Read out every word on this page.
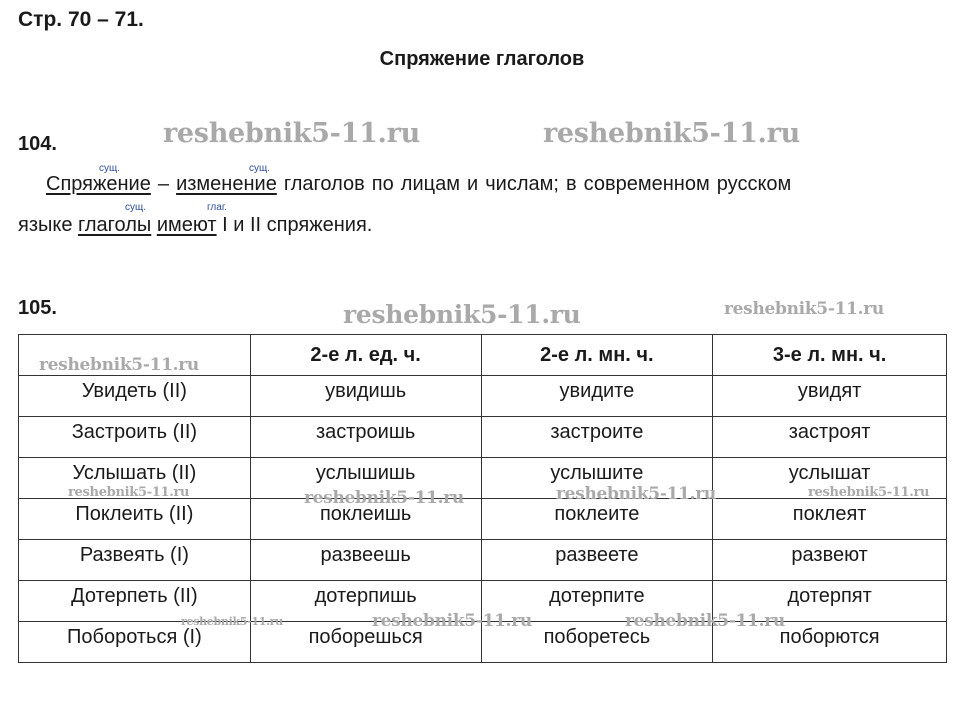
Стр. 70 – 71.
Спряжение глаголов
104.	reshebnik5-11.ru	reshebnik5-11.ru
сущ.	сущ.
Спряжение – изменение глаголов по лицам и числам; в современном русском
сущ.	глаг.
языке глаголы имеют I и II спряжения.
105.	reshebnik5-11.ru	reshebnik5-11.ru
	2-е л. ед. ч.	2-е л. мн. ч.	3-е л. мн. ч.
Увидеть (II)	увидишь	увидите	увидят
Застроить (II)	застроишь	застроите	застроят
Услышать (II)	услышишь	услышите	услышат
Поклеить (II)	поклеишь	поклеите	поклеят
Развеять (I)	развеешь	развеете	развеют
Дотерпеть (II)	дотерпишь	дотерпите	дотерпят
Побороться (I)	поборешься	поборетесь	поборются
reshebnik5-11.ru
reshebnik5-11.ru	reshebnik5-11.ru	reshebnik5-11.ru	reshebnik5-11.ru
reshebnik5-11.ru	reshebnik5-11.ru	reshebnik5-11.ru
